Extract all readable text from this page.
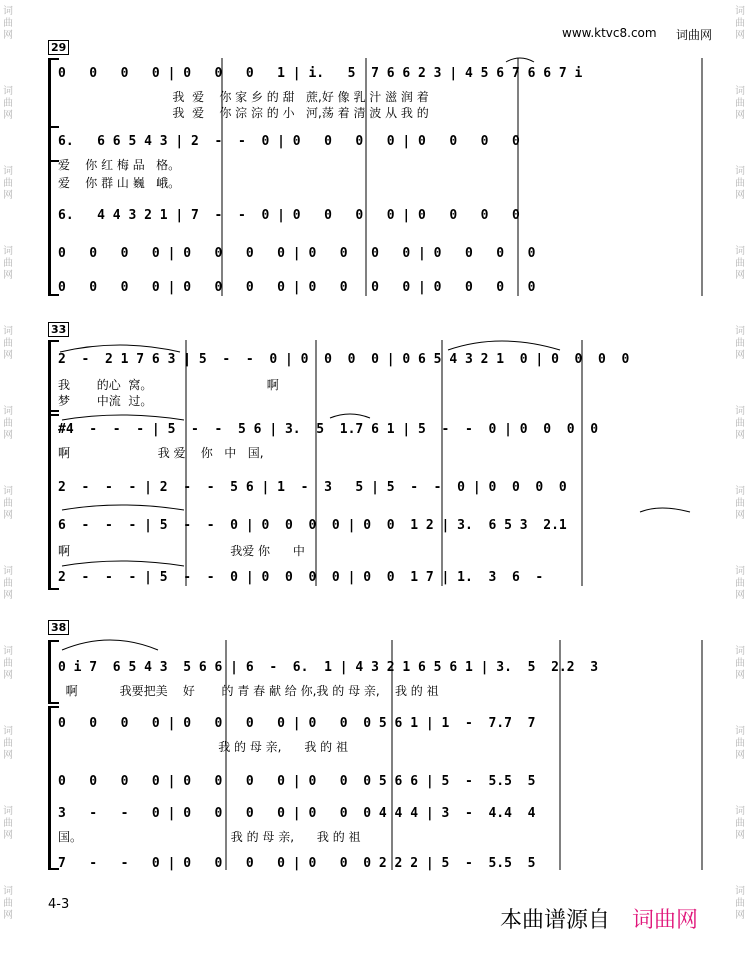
www.ktvc8.com 词曲网
词
曲
网
词
曲
网
词
曲
网
词
曲
网
词
曲
网
词
曲
网
词
曲
网
词
曲
网
词
曲
网
词
曲
网
词
曲
网
词
曲
网
词
曲
网
词
曲
网
词
曲
网
词
曲
网
词
曲
网
词
曲
网
词
曲
网
词
曲
网
词
曲
网
词
曲
网
词
曲
网
词
曲
网
29
0   0   0   0 | 0   0   0   1 | i.   5  7 6 6 2 3 | 4 5 6 7 6 6 7 i
我  爱    你 家 乡 的 甜   蔗,好 像 乳 汁 滋 润 着
我  爱    你 淙 淙 的 小   河,荡 着 清 波 从 我 的
6.   6 6 5 4 3 | 2  -  -  0 | 0   0   0   0 | 0   0   0   0
爱    你 红 梅 品   格。
爱    你 群 山 巍   峨。
6.   4 4 3 2 1 | 7  -  -  0 | 0   0   0   0 | 0   0   0   0
0   0   0   0 | 0   0   0   0 | 0   0   0   0 | 0   0   0   0
0   0   0   0 | 0   0   0   0 | 0   0   0   0 | 0   0   0   0
33
2  -  2 1 7 6 3 | 5  -  -  0 | 0  0  0  0 | 0 6 5 4 3 2 1  0 | 0  0  0  0
我       的心  窝。                              啊
梦       中流  过。
#4  -  -  - | 5  -  -  5 6 | 3.  5  1.7 6 1 | 5  -  -  0 | 0  0  0  0
啊                       我 爱    你   中   国,
2  -  -  - | 2  -  -  5 6 | 1  -  3   5 | 5  -  -  0 | 0  0  0  0
6  -  -  - | 5  -  -  0 | 0  0  0  0 | 0  0  1 2 | 3.  6 5 3  2.1
啊                                          我爱 你      中
2  -  -  - | 5  -  -  0 | 0  0  0  0 | 0  0  1 7 | 1.  3  6  -
38
0 i 7  6 5 4 3  5 6 6 | 6  -  6.  1 | 4 3 2 1 6 5 6 1 | 3.  5  2.2  3
啊           我要把美    好       的 青 春 献 给 你,我 的 母 亲,    我 的 祖
0   0   0   0 | 0   0   0   0 | 0   0  0 5 6 1 | 1  -  7.7  7
我 的 母 亲,      我 的 祖
0   0   0   0 | 0   0   0   0 | 0   0  0 5 6 6 | 5  -  5.5  5
3   -   -   0 | 0   0   0   0 | 0   0  0 4 4 4 | 3  -  4.4  4
国。                                       我 的 母 亲,      我 的 祖
7   -   -   0 | 0   0   0   0 | 0   0  0 2 2 2 | 5  -  5.5  5
4-3
本曲谱源自 词曲网
